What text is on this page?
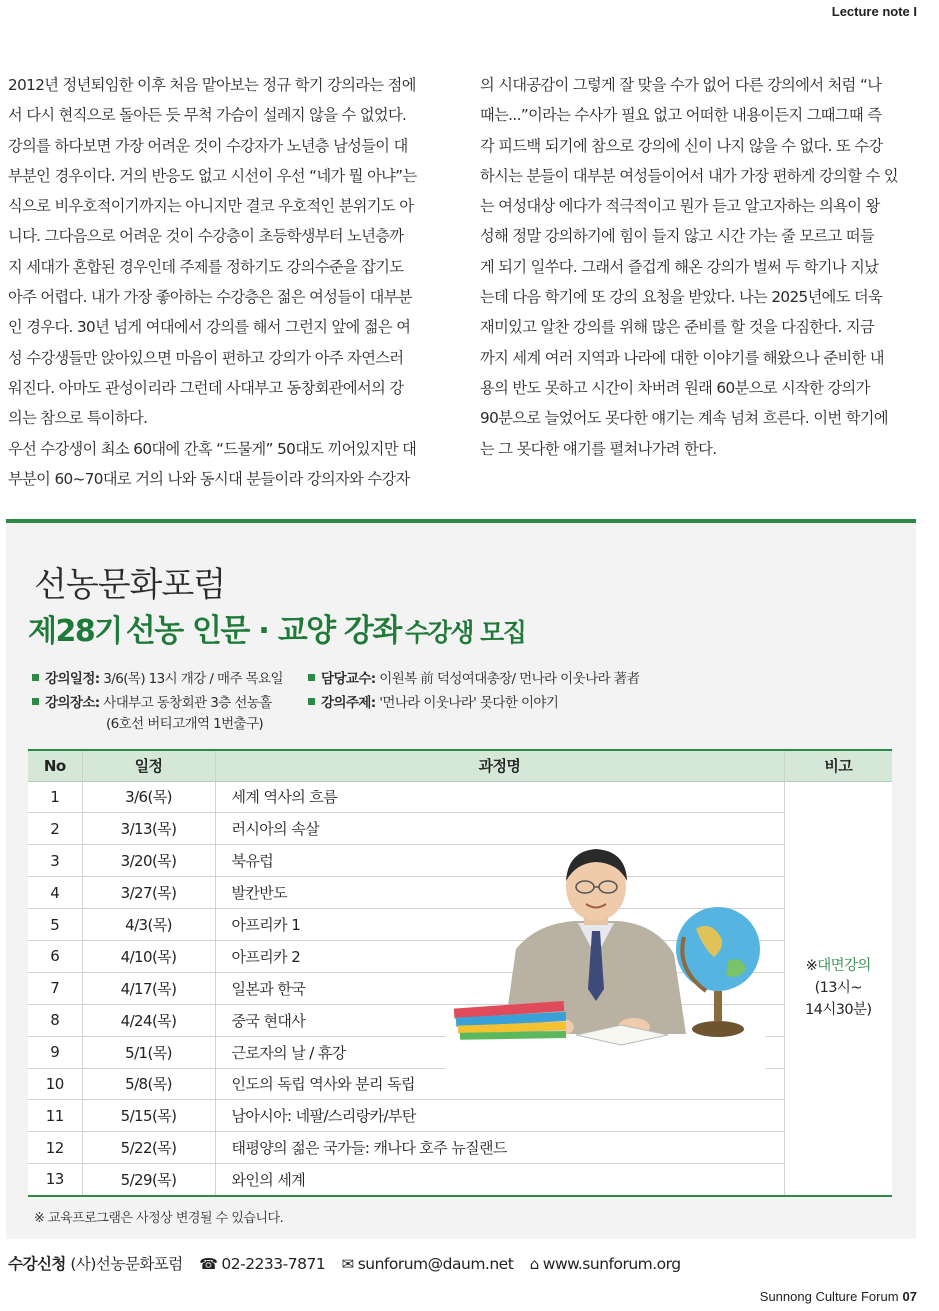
Lecture note I

2012년 정년퇴임한 이후 처음 맡아보는 정규 학기 강의라는 점에

서 다시 현직으로 돌아든 듯 무척 가슴이 설레지 않을 수 없었다.

강의를 하다보면 가장 어려운 것이 수강자가 노년층 남성들이 대

부분인 경우이다. 거의 반응도 없고 시선이 우선 “네가 뭘 아냐”는

식으로 비우호적이기까지는 아니지만 결코 우호적인 분위기도 아

니다. 그다음으로 어려운 것이 수강층이 초등학생부터 노년층까

지 세대가 혼합된 경우인데 주제를 정하기도 강의수준을 잡기도

아주 어렵다. 내가 가장 좋아하는 수강층은 젊은 여성들이 대부분

인 경우다. 30년 넘게 여대에서 강의를 해서 그런지 앞에 젊은 여

성 수강생들만 앉아있으면 마음이 편하고 강의가 아주 자연스러

워진다. 아마도 관성이리라 그런데 사대부고 동창회관에서의 강

의는 참으로 특이하다.

우선 수강생이 최소 60대에 간혹 “드물게” 50대도 끼어있지만 대

부분이 60~70대로 거의 나와 동시대 분들이라 강의자와 수강자

의 시대공감이 그렇게 잘 맞을 수가 없어 다른 강의에서 처럼 “나

때는...”이라는 수사가 필요 없고 어떠한 내용이든지 그때그때 즉

각 피드백 되기에 참으로 강의에 신이 나지 않을 수 없다. 또 수강

하시는 분들이 대부분 여성들이어서 내가 가장 편하게 강의할 수 있

는 여성대상 에다가 적극적이고 뭔가 듣고 알고자하는 의욕이 왕

성해 정말 강의하기에 힘이 들지 않고 시간 가는 줄 모르고 떠들

게 되기 일쑤다. 그래서 즐겁게 해온 강의가 벌써 두 학기나 지났

는데 다음 학기에 또 강의 요청을 받았다. 나는 2025년에도 더욱

재미있고 알찬 강의를 위해 많은 준비를 할 것을 다짐한다. 지금

까지 세계 여러 지역과 나라에 대한 이야기를 해왔으나 준비한 내

용의 반도 못하고 시간이 차버려 원래 60분으로 시작한 강의가

90분으로 늘었어도 못다한 얘기는 계속 넘쳐 흐른다. 이번 학기에

는 그 못다한 얘기를 펼쳐나가려 한다.

선농문화포럼
제28기 선농 인문 · 교양 강좌 수강생 모집
강의일정: 3/6(목) 13시 개강 / 매주 목요일
강의장소: 사대부고 동창회관 3층 선농홀
(6호선 버티고개역 1번출구)
담당교수: 이원복 前 덕성여대총장/ 먼나라 이웃나라 著者
강의주제: '먼나라 이웃나라' 못다한 이야기
No	일정	과정명	비고
1	3/6(목)	세계 역사의 흐름	※대면강의
(13시~
14시30분)

2	3/13(목)	러시아의 속살	
3	3/20(목)	북유럽	
4	3/27(목)	발칸반도	
5	4/3(목)	아프리카 1	
6	4/10(목)	아프리카 2	
7	4/17(목)	일본과 한국	
8	4/24(목)	중국 현대사	
9	5/1(목)	근로자의 날 / 휴강	
10	5/8(목)	인도의 독립 역사와 분리 독립	
11	5/15(목)	남아시아: 네팔/스리랑카/부탄	
12	5/22(목)	태평양의 젊은 국가들: 캐나다 호주 뉴질랜드	
13	5/29(목)	와인의 세계	
※ 교육프로그램은 사정상 변경될 수 있습니다.
수강신청 (사)선농문화포럼 ☎ 02-2233-7871 ✉ sunforum@daum.net ⌂ www.sunforum.org
Sunnong Culture Forum 07
